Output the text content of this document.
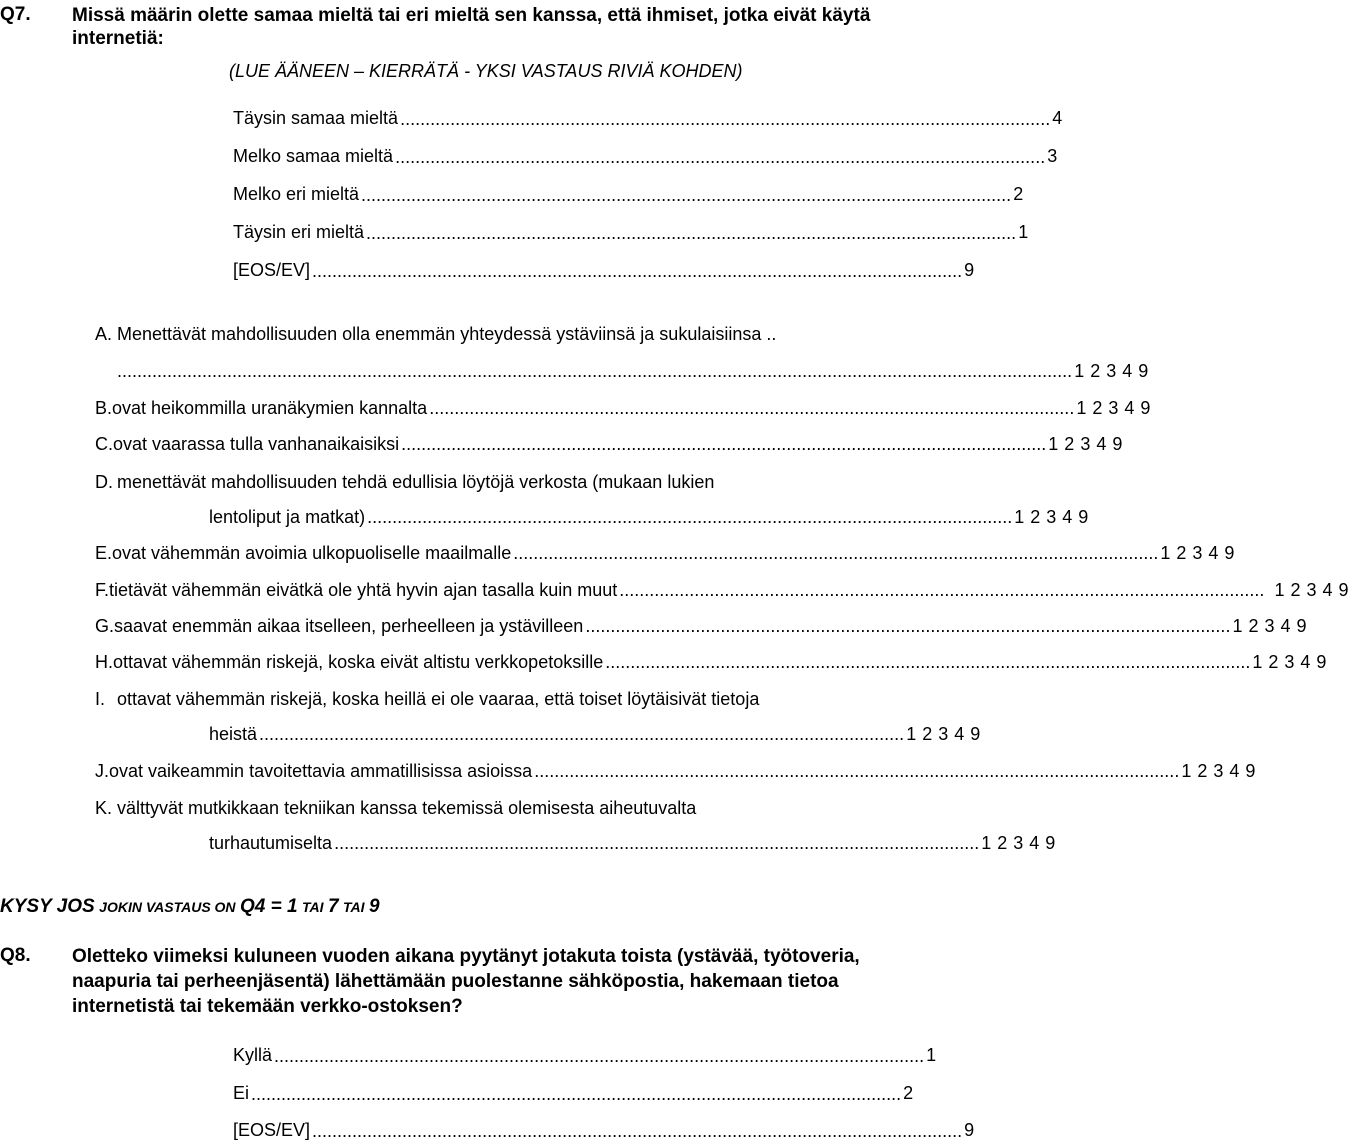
Q7. Missä määrin olette samaa mieltä tai eri mieltä sen kanssa, että ihmiset, jotka eivät käytä
internetiä:
(LUE ÄÄNEEN – KIERRÄTÄ - YKSI VASTAUS RIVIÄ KOHDEN)
Täysin samaa mieltä .................................................................................................................................. 4
Melko samaa mieltä .................................................................................................................................. 3
Melko eri mieltä .................................................................................................................................. 2
Täysin eri mieltä .................................................................................................................................. 1
[EOS/EV] .................................................................................................................................. 9
A. Menettävät mahdollisuuden olla enemmän yhteydessä ystäviinsä ja sukulaisiinsa ..
............................................................................................................................................................................................... 1 2 3 4 9
B. ovat heikommilla uranäkymien kannalta ................................................................................................................................. 1 2 3 4 9
C. ovat vaarassa tulla vanhanaikaisiksi ................................................................................................................................. 1 2 3 4 9
D. menettävät mahdollisuuden tehdä edullisia löytöjä verkosta (mukaan lukien
lentoliput ja matkat) ................................................................................................................................. 1 2 3 4 9
E. ovat vähemmän avoimia ulkopuoliselle maailmalle ................................................................................................................................. 1 2 3 4 9
F. tietävät vähemmän eivätkä ole yhtä hyvin ajan tasalla kuin muut ................................................................................................................................. 1 2 3 4 9
G. saavat enemmän aikaa itselleen, perheelleen ja ystävilleen ................................................................................................................................. 1 2 3 4 9
H. ottavat vähemmän riskejä, koska eivät altistu verkkopetoksille ................................................................................................................................. 1 2 3 4 9
I. ottavat vähemmän riskejä, koska heillä ei ole vaaraa, että toiset löytäisivät tietoja
heistä ................................................................................................................................. 1 2 3 4 9
J. ovat vaikeammin tavoitettavia ammatillisissa asioissa ................................................................................................................................. 1 2 3 4 9
K. välttyvät mutkikkaan tekniikan kanssa tekemissä olemisesta aiheutuvalta
turhautumiselta ................................................................................................................................. 1 2 3 4 9
KYSY JOS JOKIN VASTAUS ON Q4 = 1 TAI 7 TAI 9
Q8. Oletteko viimeksi kuluneen vuoden aikana pyytänyt jotakuta toista (ystävää, työtoveria,
naapuria tai perheenjäsentä) lähettämään puolestanne sähköpostia, hakemaan tietoa
internetistä tai tekemään verkko-ostoksen?
Kyllä .................................................................................................................................. 1
Ei .................................................................................................................................. 2
[EOS/EV] .................................................................................................................................. 9
